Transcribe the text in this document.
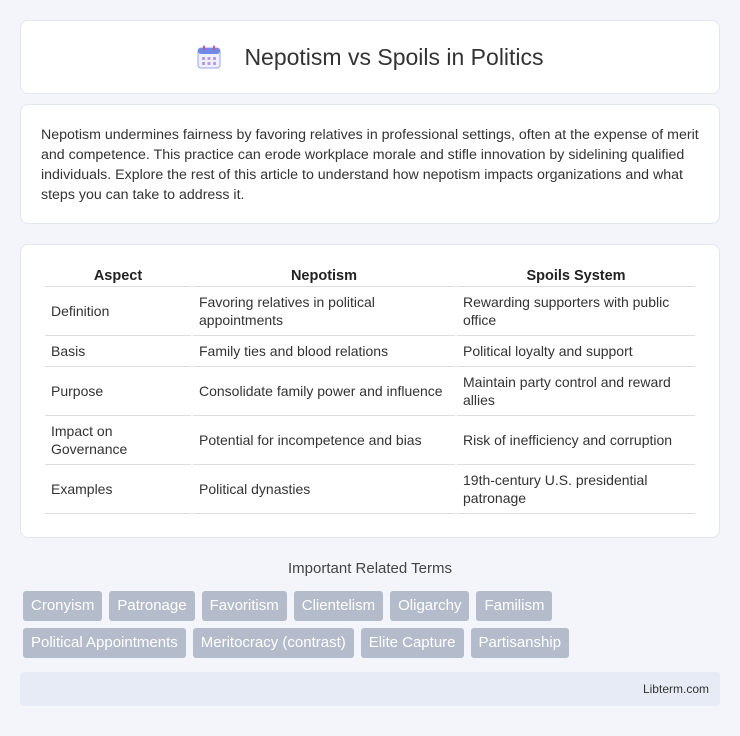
Nepotism vs Spoils in Politics

Nepotism undermines fairness by favoring relatives in professional settings, often at the expense of merit and competence. This practice can erode workplace morale and stifle innovation by sidelining qualified individuals. Explore the rest of this article to understand how nepotism impacts organizations and what steps you can take to address it.

Aspect	Nepotism	Spoils System
Definition	Favoring relatives in political appointments	Rewarding supporters with public office
Basis	Family ties and blood relations	Political loyalty and support
Purpose	Consolidate family power and influence	Maintain party control and reward allies
Impact on Governance	Potential for incompetence and bias	Risk of inefficiency and corruption
Examples	Political dynasties	19th-century U.S. presidential patronage
Important Related Terms
Cronyism	Patronage	Favoritism	Clientelism	Oligarchy	Familism
Political Appointments	Meritocracy (contrast)	Elite Capture	Partisanship
Libterm.com
